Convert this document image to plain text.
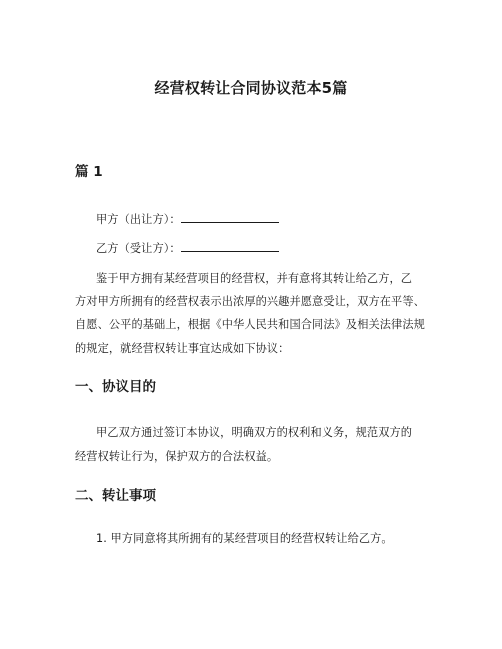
经营权转让合同协议范本5篇
篇 1
甲方（出让方）：
乙方（受让方）：
鉴于甲方拥有某经营项目的经营权，并有意将其转让给乙方，乙
方对甲方所拥有的经营权表示出浓厚的兴趣并愿意受让，双方在平等、
自愿、公平的基础上，根据《中华人民共和国合同法》及相关法律法规
的规定，就经营权转让事宜达成如下协议：
一、协议目的
甲乙双方通过签订本协议，明确双方的权利和义务，规范双方的
经营权转让行为，保护双方的合法权益。
二、转让事项
1. 甲方同意将其所拥有的某经营项目的经营权转让给乙方。
